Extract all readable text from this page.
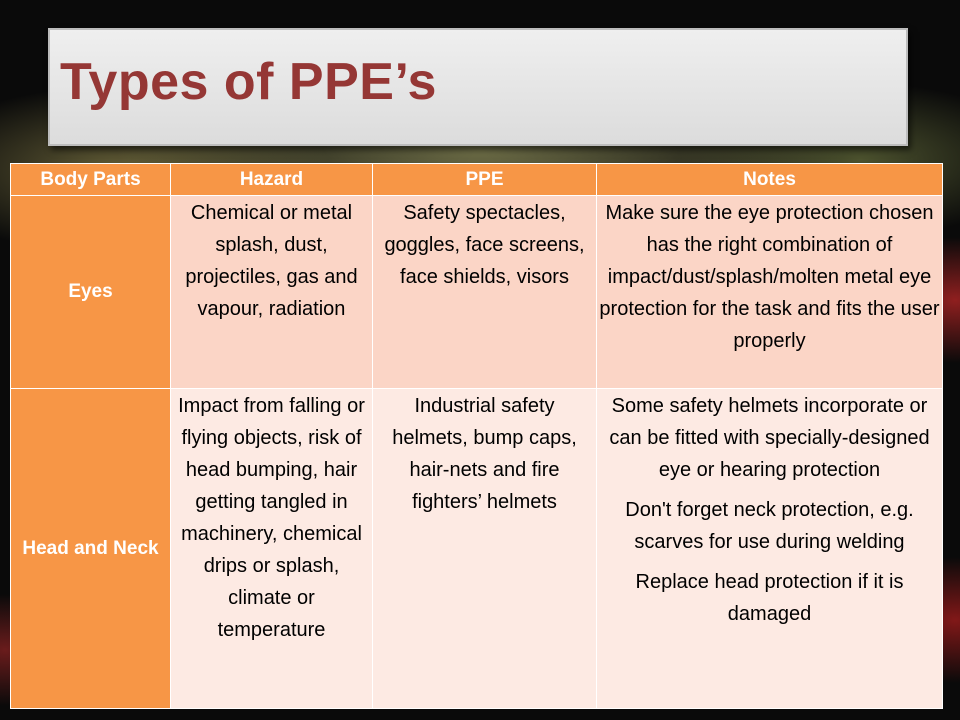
Types of PPE’s
Body Parts	Hazard	PPE	Notes
Eyes	Chemical or metal splash, dust, projectiles, gas and vapour, radiation	Safety spectacles, goggles, face screens, face shields, visors	Make sure the eye protection chosen has the right combination of impact/dust/splash/molten metal eye protection for the task and fits the user properly

Head and Neck	Impact from falling or flying objects, risk of head bumping, hair getting tangled in machinery, chemical drips or splash, climate or temperature	Industrial safety helmets, bump caps, hair-nets and fire fighters’ helmets	Some safety helmets incorporate or can be fitted with specially-designed eye or hearing protection
Don't forget neck protection, e.g. scarves for use during welding
Replace head protection if it is damaged
